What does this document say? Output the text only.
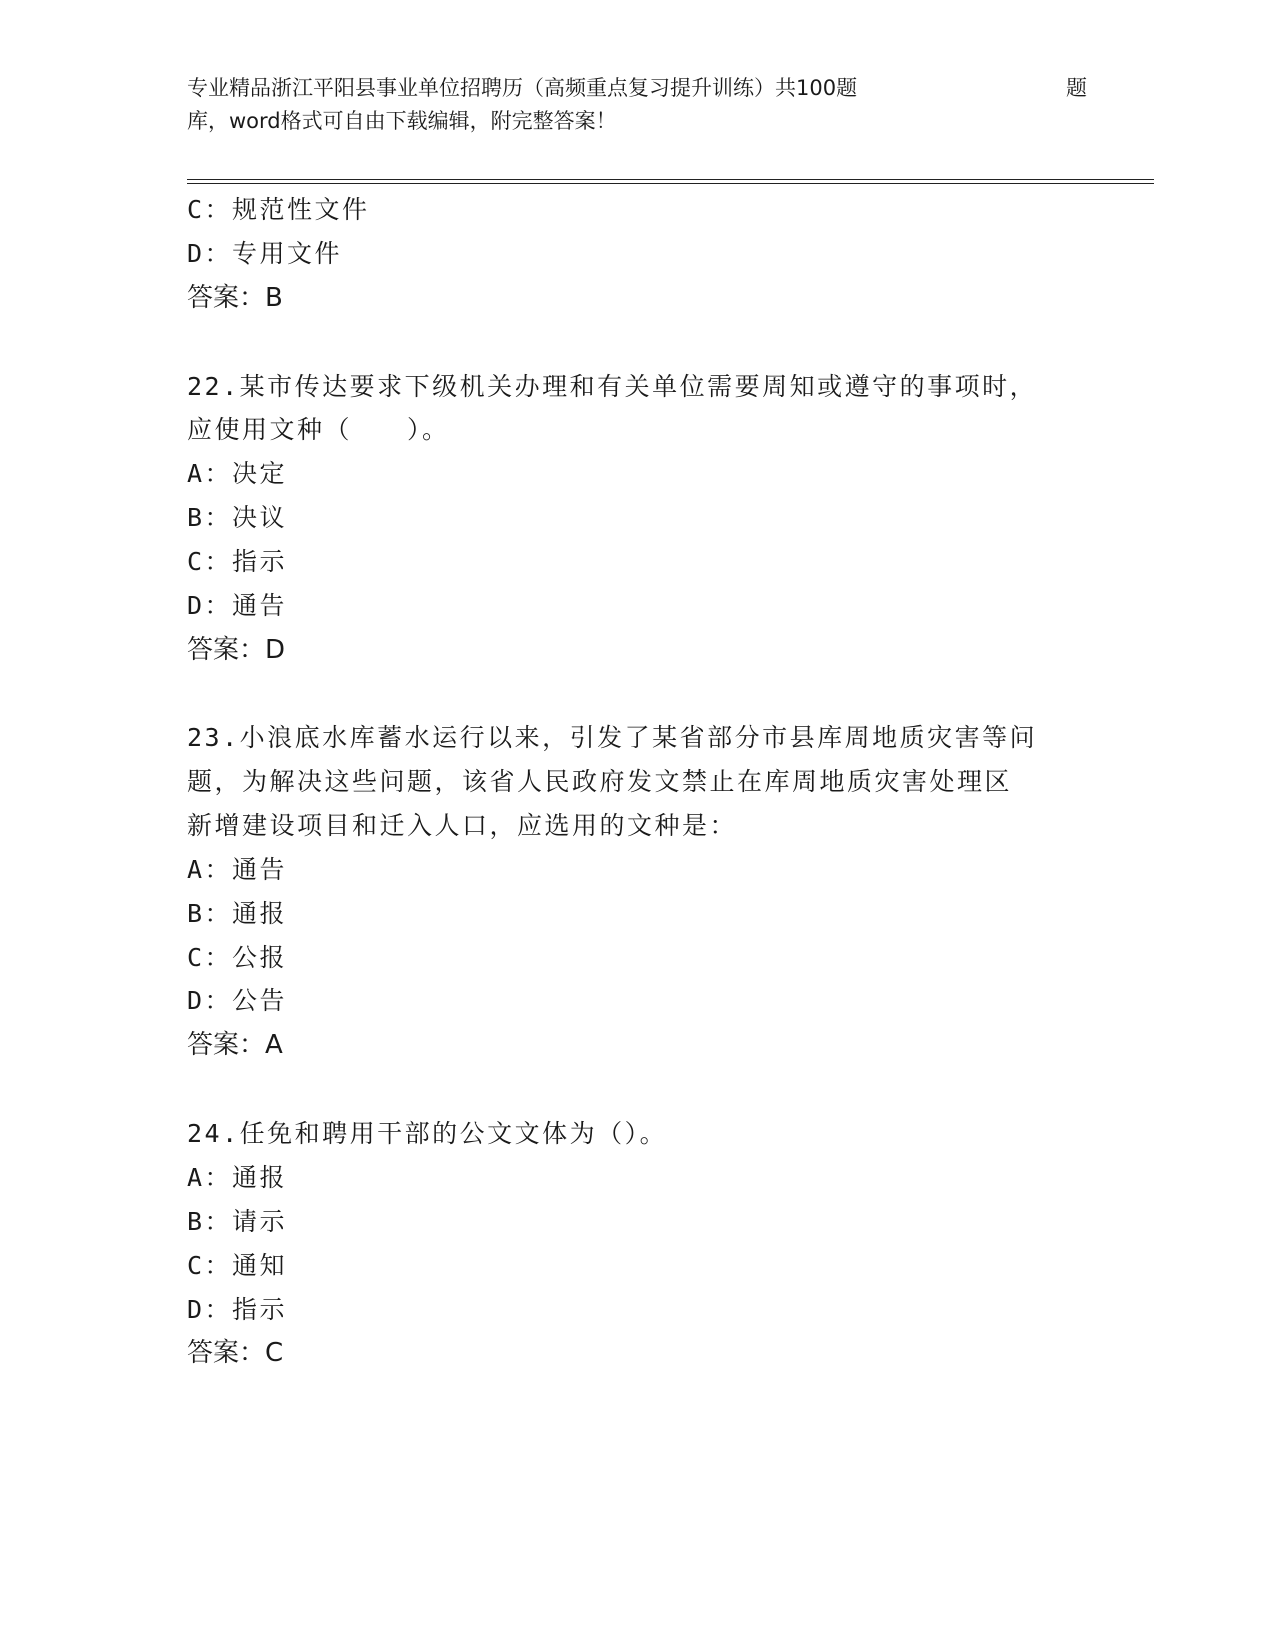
专业精品浙江平阳县事业单位招聘历（高频重点复习提升训练）共100题	题
库，word格式可自由下载编辑，附完整答案！
C：规范性文件
D：专用文件
答案：B
22.某市传达要求下级机关办理和有关单位需要周知或遵守的事项时，
应使用文种（　　）。
A：决定
B：决议
C：指示
D：通告
答案：D
23.小浪底水库蓄水运行以来，引发了某省部分市县库周地质灾害等问
题，为解决这些问题，该省人民政府发文禁止在库周地质灾害处理区
新增建设项目和迁入人口，应选用的文种是：
A：通告
B：通报
C：公报
D：公告
答案：A
24.任免和聘用干部的公文文体为（）。
A：通报
B：请示
C：通知
D：指示
答案：C
